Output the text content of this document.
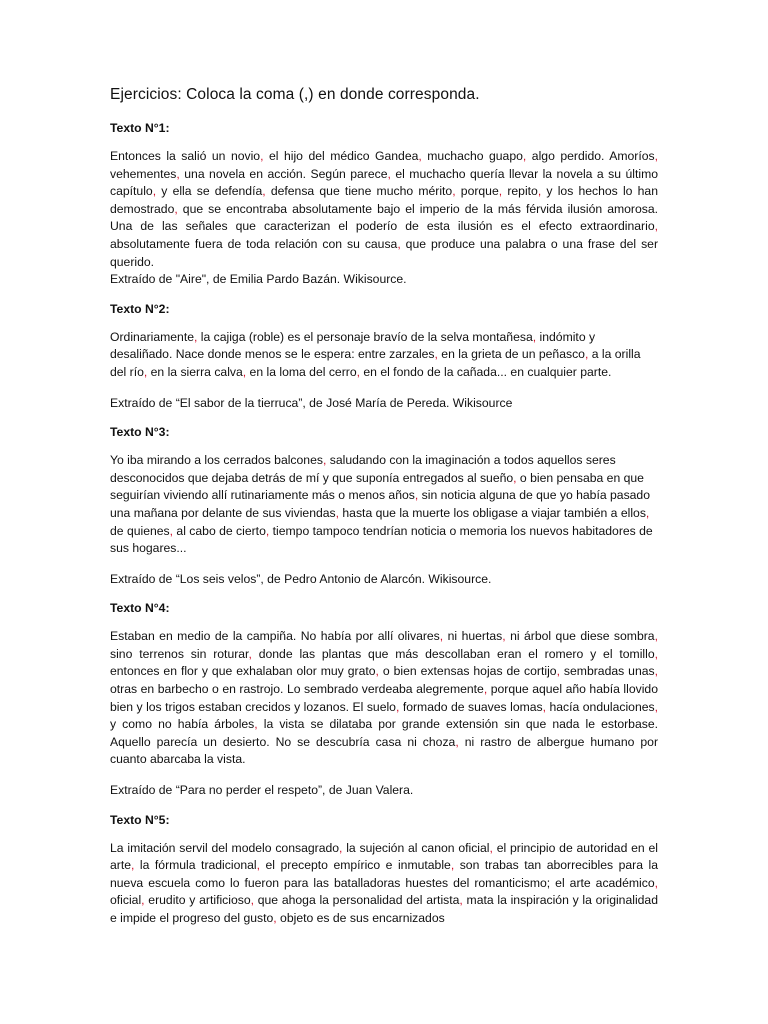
Ejercicios: Coloca la coma (,) en donde corresponda.
Texto N°1:

Entonces la salió un novio, el hijo del médico Gandea, muchacho guapo, algo perdido. Amoríos, vehementes, una novela en acción. Según parece, el muchacho quería llevar la novela a su último capítulo, y ella se defendía, defensa que tiene mucho mérito, porque, repito, y los hechos lo han demostrado, que se encontraba absolutamente bajo el imperio de la más férvida ilusión amorosa. Una de las señales que caracterizan el poderío de esta ilusión es el efecto extraordinario, absolutamente fuera de toda relación con su causa, que produce una palabra o una frase del ser querido.
Extraído de "Aire", de Emilia Pardo Bazán. Wikisource.

Texto N°2:

Ordinariamente, la cajiga (roble) es el personaje bravío de la selva montañesa, indómito y desaliñado. Nace donde menos se le espera: entre zarzales, en la grieta de un peñasco, a la orilla del río, en la sierra calva, en la loma del cerro, en el fondo de la cañada... en cualquier parte.

Extraído de “El sabor de la tierruca”, de José María de Pereda. Wikisource

Texto N°3:

Yo iba mirando a los cerrados balcones, saludando con la imaginación a todos aquellos seres desconocidos que dejaba detrás de mí y que suponía entregados al sueño, o bien pensaba en que seguirían viviendo allí rutinariamente más o menos años, sin noticia alguna de que yo había pasado una mañana por delante de sus viviendas, hasta que la muerte los obligase a viajar también a ellos, de quienes, al cabo de cierto, tiempo tampoco tendrían noticia o memoria los nuevos habitadores de sus hogares...

Extraído de “Los seis velos”, de Pedro Antonio de Alarcón. Wikisource.

Texto N°4:

Estaban en medio de la campiña. No había por allí olivares, ni huertas, ni árbol que diese sombra, sino terrenos sin roturar, donde las plantas que más descollaban eran el romero y el tomillo, entonces en flor y que exhalaban olor muy grato, o bien extensas hojas de cortijo, sembradas unas, otras en barbecho o en rastrojo. Lo sembrado verdeaba alegremente, porque aquel año había llovido bien y los trigos estaban crecidos y lozanos. El suelo, formado de suaves lomas, hacía ondulaciones, y como no había árboles, la vista se dilataba por grande extensión sin que nada le estorbase. Aquello parecía un desierto. No se descubría casa ni choza, ni rastro de albergue humano por cuanto abarcaba la vista.

Extraído de “Para no perder el respeto”, de Juan Valera.

Texto N°5:

La imitación servil del modelo consagrado, la sujeción al canon oficial, el principio de autoridad en el arte, la fórmula tradicional, el precepto empírico e inmutable, son trabas tan aborrecibles para la nueva escuela como lo fueron para las batalladoras huestes del romanticismo; el arte académico, oficial, erudito y artificioso, que ahoga la personalidad del artista, mata la inspiración y la originalidad e impide el progreso del gusto, objeto es de sus encarnizados
